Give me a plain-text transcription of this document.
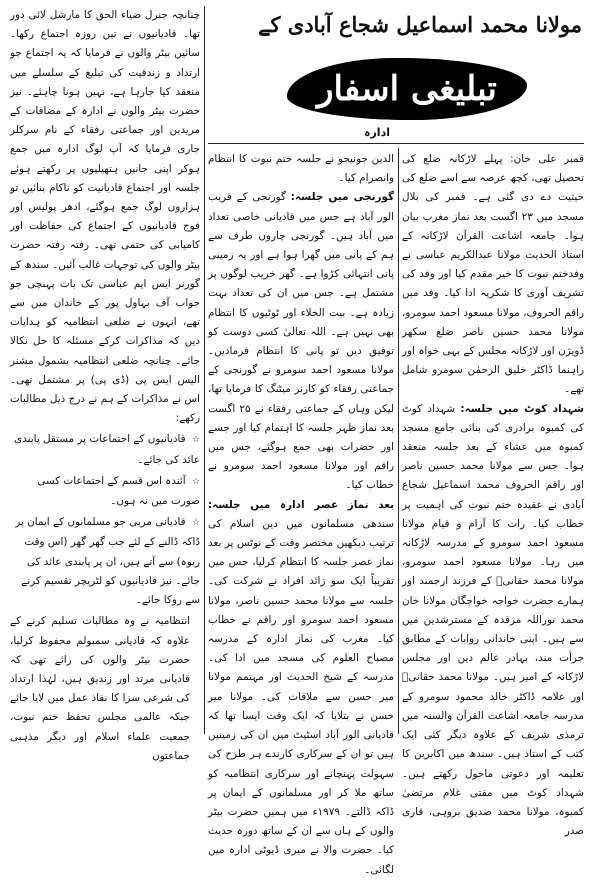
مولانا محمد اسماعیل شجاع آبادی کے
تبلیغی اسفار
ادارہ

قمبر علی خان: پہلے لاڑکانہ ضلع کی تحصیل تھی، کچھ عرصہ سے اسے ضلع کی حیثیت دے دی گئی ہے۔ قمبر کی بلال مسجد میں ۲۳ اگست بعد نماز مغرب بیان ہوا۔ جامعہ اشاعت القرآن لاڑکانہ کے استاذ الحدیث مولانا عبدالکریم عباسی نے وفدختم نبوت کا خیر مقدم کیا اور وفد کی تشریف آوری کا شکریہ ادا کیا۔ وفد میں راقم الحروف، مولانا مسعود احمد سومرو، مولانا محمد حسین ناصر ضلع سکھر ڈویژن اور لاڑکانہ مجلس کے بہی خواہ اور راہنما ڈاکٹر خلیق الرحمٰن سومرو شامل تھے۔

شہداد کوٹ میں جلسہ: شہداد کوٹ کی کمبوہ برادری کی بنائی جامع مسجد کمبوہ میں عشاء کے بعد جلسہ منعقد ہوا۔ جس سے مولانا محمد حسین ناصر اور راقم الحروف محمد اسماعیل شجاع آبادی نے عقیدہ ختم نبوت کی اہمیت پر خطاب کیا۔ رات کا آرام و قیام مولانا مسعود احمد سومرو کے مدرسہ لاڑکانہ میں رہا۔ مولانا مسعود احمد سومرو، مولانا محمد حقانیؒ کے فرزند ارجمند اور ہمارے حضرت خواجہ خواجگان مولانا خان محمد نوراللہ مرقدہ کے مسترشدین میں سے ہیں۔ اپنی خاندانی روایات کے مطابق جرأت مند، بہادر عالم دین اور مجلس لاڑکانہ کے امیر ہیں۔ مولانا محمد حقانیؒ اور علامہ ڈاکٹر خالد محمود سومرو کے مدرسہ جامعہ اشاعت القرآن والسنہ میں ترمذی شریف کے علاوہ دیگر کئی ایک کتب کے استاذ ہیں۔ سندھ میں اکابرین کا تعلیمہ اور دعوتی ماحول رکھتے ہیں۔ شہداد کوٹ میں مفتی غلام مرتضیٰ کمبوہ، مولانا محمد صدیق بروہی، قاری صدر

الدین جونیجو نے جلسہ ختم نبوت کا انتظام وانصرام کیا۔

گورنجی میں جلسہ: گورنجی کے قریب الور آباد ہے جس میں قادیانی خاصی تعداد میں آباد ہیں۔ گورنجی چاروں طرف سے ہم کے پانی میں گھرا ہوا ہے اور یہ زمینی پانی انتہائی کڑوا ہے۔ گھر خریب لوگوں پر مشتمل ہے۔ جس میں ان کی تعداد بہت زیادہ ہے۔ بیت الخلاء اور ٹوٹیوں کا انتظام بھی نہیں ہے۔ اللہ تعالیٰ کسی دوست کو توفیق دیں تو پانی کا انتظام فرمادیں۔ مولانا مسعود احمد سومرو نے گورنجی کے جماعتی رفقاء کو کارنر میٹنگ کا فرمایا تھا، لیکن وہاں کے جماعتی رفقاء نے ۲۵ اگست بعد نماز ظہر جلسہ کا اہتمام کیا اور جسے اور حضرات بھی جمع ہوگئے، جس میں راقم اور مولانا مسعود احمد سومرو نے خطاب کیا۔

بعد نماز عصر ادارہ میں جلسہ: سندھی مسلمانوں میں دین اسلام کی ترتیب دیکھیں مختصر وقت کے نوٹس پر بعد نماز عصر جلسہ کا انتظام کرلیا، جس میں تقریباً ایک سو زائد افراد نے شرکت کی۔ جلسہ سے مولانا محمد حسین ناصر، مولانا مسعود احمد سومرو اور راقم نے خطاب کیا۔ مغرب کی نماز ادارہ کے مدرسہ مصباح العلوم کی مسجد میں ادا کی۔ مدرسہ کے شیخ الحدیث اور مہتمم مولانا میر حسن سے ملاقات کی۔ مولانا میر حسن نے بتلایا کہ ایک وقت ایسا تھا کہ قادیانی الور آباد اسٹیٹ میں ان کی زمینیں ہیں تو ان کے سرکاری کارندے ہر طرح کی سہولت پہنچانے اور سرکاری انتظامیہ کو ساتھ ملا کر اور مسلمانوں کے ایمان پر ڈاکہ ڈالتے۔ ۱۹۷۹ء میں ہمیں حضرت بیٹر والوں کے ہاں سے ان کے ساتھ دورہ حدیث کیا۔ حضرت والا نے میری ڈیوٹی ادارہ میں لگائی۔

چنانچہ جنرل ضیاء الحق کا مارشل لائی دور تھا۔ قادیانیوں نے تین روزہ اجتماع رکھا۔ سائیں بیٹر والوں نے فرمایا کہ یہ اجتماع جو ارتداد و زندقیت کی تبلیغ کے سلسلے میں منعقد کیا جارہا ہے، نہیں ہونا چاہئے۔ نیز حضرت بیٹر والوں نے ادارہ کے مضافات کے مریدین اور جماعتی رفقاء کے نام سرکلر جاری فرمایا کہ آپ لوگ ادارہ میں جمع ہوکر اپنی جانیں ہتھیلیوں پر رکھتے ہوئے جلسہ اور اجتماع قادیانیت کو ناکام بنائیں تو ہزاروں لوگ جمع ہوگئے، ادھر پولیس اور فوج قادیانیوں کے اجتماع کی حفاظت اور کامیابی کی حتمی تھی۔ رفتہ رفتہ حضرت بیٹر والوں کی توجہات غالب آئیں۔ سندھ کے گورنر ایس ایم عباسی تک بات پہنچی جو جواب آف بہاول پور کے خاندان میں سے تھے، انہوں نے ضلعی انتظامیہ کو ہدایات دیں کہ مذاکرات کرکے مسئلہ کا حل نکالا جائے۔ چنانچہ ضلعی انتظامیہ بشمول مشنر الیس ایس پی (ڈی پی) پر مشتمل تھی۔ اس نے مذاکرات کے ہم نے درج ذیل مطالبات رکھے:

☆ قادیانیوں کے اجتماعات پر مستقل پابندی عائد کی جائے۔
☆ آئندہ اس قسم کے اجتماعات کسی صورت میں نہ ہوں۔
☆ قادیانی مربی جو مسلمانوں کے ایمان پر ڈاکہ ڈالنے کے لئے جب گھر گھر (اس وقت ربوہ) سے آتے ہیں، ان پر پابندی عائد کی جائے۔ نیز قادیانیوں کو لٹریچر تقسیم کرنے سے روکا جائے۔

انتظامیہ نے وہ مطالبات تسلیم کرنے کے علاوہ کہ قادیانی سمبولم محفوظ کرلیا، حضرت بیٹر والوں کی رائے تھی کہ قادیانی مرتد اور زندیق ہیں، لہٰذا ارتداد کی شرعی سزا کا نفاذ عمل میں لایا جائے جبکہ عالمی مجلس تحفظ ختم نبوت، جمعیت علماء اسلام اور دیگر مذہبی جماعتوں
